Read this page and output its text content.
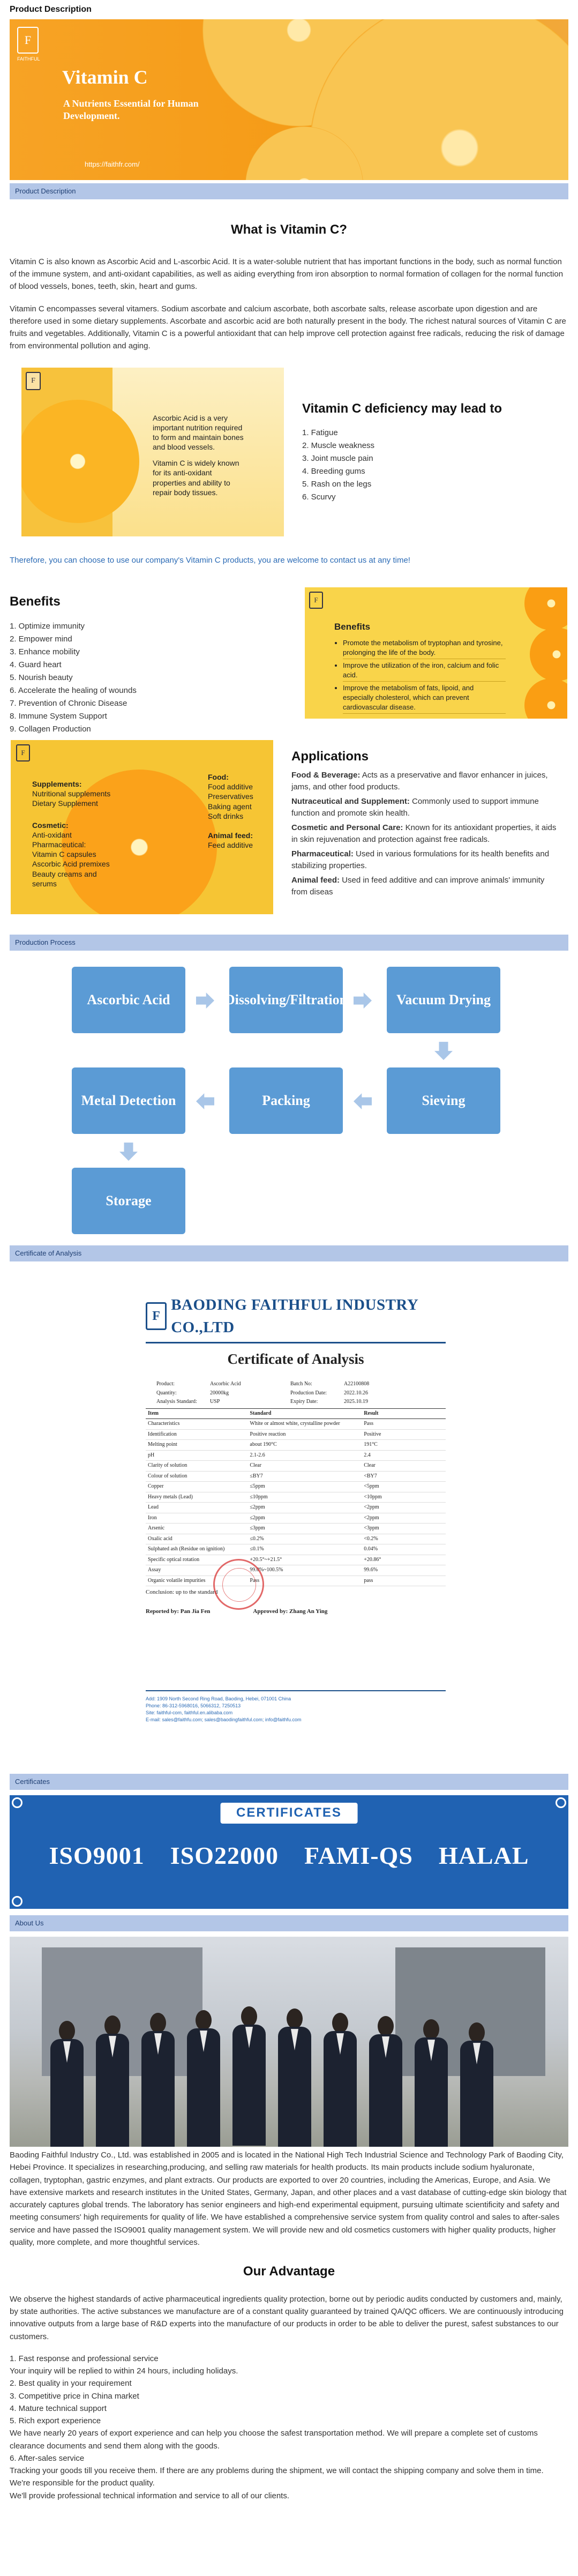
Product Description
F
FAITHFUL
Vitamin C
A Nutrients Essential for Human Development.
https://faithfr.com/
Product Description
What is Vitamin C?

Vitamin C is also known as Ascorbic Acid and L-ascorbic Acid. It is a water-soluble nutrient that has important functions in the body, such as normal function of the immune system, and anti-oxidant capabilities, as well as aiding everything from iron absorption to normal formation of collagen for the normal function of blood vessels, bones, teeth, skin, heart and gums.

Vitamin C encompasses several vitamers. Sodium ascorbate and calcium ascorbate, both ascorbate salts, release ascorbate upon digestion and are therefore used in some dietary supplements. Ascorbate and ascorbic acid are both naturally present in the body. The richest natural sources of Vitamin C are fruits and vegetables. Additionally, Vitamin C is a powerful antioxidant that can help improve cell protection against free radicals, reducing the risk of damage from environmental pollution and aging.

F
Ascorbic Acid is a very important nutrition required to form and maintain bones and blood vessels.
Vitamin C is widely known for its anti-oxidant properties and ability to repair body tissues.
Vitamin C deficiency may lead to
1. Fatigue
2. Muscle weakness
3. Joint muscle pain
4. Breeding gums
5. Rash on the legs
6. Scurvy
Therefore, you can choose to use our company's Vitamin C products, you are welcome to contact us at any time!
Benefits
1. Optimize immunity
2. Empower mind
3. Enhance mobility
4. Guard heart
5. Nourish beauty
6. Accelerate the healing of wounds
7. Prevention of Chronic Disease
8. Immune System Support
9. Collagen Production
F
Benefits
• Promote the metabolism of tryptophan and tyrosine, prolonging the life of the body.
• Improve the utilization of the iron, calcium and folic acid.
• Improve the metabolism of fats, lipoid, and especially cholesterol, which can prevent cardiovascular disease.
F
Supplements:
Nutritional supplements
Dietary Supplement
Cosmetic:
Anti-oxidant
Pharmaceutical:
Vitamin C capsules
Ascorbic Acid premixes
Beauty creams and serums
Food:
Food additive
Preservatives
Baking agent
Soft drinks
Animal feed:
Feed additive
Applications

Food & Beverage: Acts as a preservative and flavor enhancer in juices, jams, and other food products.

Nutraceutical and Supplement: Commonly used to support immune function and promote skin health.

Cosmetic and Personal Care: Known for its antioxidant properties, it aids in skin rejuvenation and protection against free radicals.

Pharmaceutical: Used in various formulations for its health benefits and stabilizing properties.

Animal feed: Used in feed additive and can improve animals' immunity from diseas

Production Process
Ascorbic Acid	Dissolving/Filtration	Vacuum Drying
Sieving
Packing
Metal Detection
Storage
Certificate of Analysis
F
BAODING FAITHFUL INDUSTRY CO.,LTD
Certificate of Analysis
Product:	Ascorbic Acid	Batch No:	A22100808
Quantity:	20000kg	Production Date:	2022.10.26
Analysis Standard:	USP	Expiry Date:	2025.10.19
Item	Standard	Result
Characteristics	White or almost white, crystalline powder	Pass
Identification	Positive reaction	Positive
Melting point	about 190°C	191°C
pH	2.1-2.6	2.4
Clarity of solution	Clear	Clear
Colour of solution	≤BY7	<BY7
Copper	≤5ppm	<5ppm
Heavy metals (Lead)	≤10ppm	<10ppm
Lead	≤2ppm	<2ppm
Iron	≤2ppm	<2ppm
Arsenic	≤3ppm	<3ppm
Oxalic acid	≤0.2%	<0.2%
Sulphated ash (Residue on ignition)	≤0.1%	0.04%
Specific optical rotation	+20.5°~+21.5°	+20.86°
Assay	99.0%~100.5%	99.6%
Organic volatile impurities	Pass	pass
Conclusion: up to the standard
Reported by: Pan Jia Fen	Approved by: Zhang An Ying
Add: 1909 North Second Ring Road, Baoding, Hebei, 071001 China
Phone: 86-312-5968016, 5066312, 7250513
Site: faithful-com, faithful.en.alibaba.com
E-mail: sales@faithfu.com; sales@baodingfaithful.com; info@faithfu.com
Certificates
CERTIFICATES
ISO9001 ISO22000 FAMI-QS HALAL
About Us

Baoding Faithful Industry Co., Ltd. was established in 2005 and is located in the National High Tech Industrial Science and Technology Park of Baoding City, Hebei Province. It specializes in researching,producing, and selling raw materials for health products. Its main products include sodium hyaluronate, collagen, tryptophan, gastric enzymes, and plant extracts. Our products are exported to over 20 countries, including the Americas, Europe, and Asia. We have extensive markets and research institutes in the United States, Germany, Japan, and other places and a vast database of cutting-edge skin biology that accurately captures global trends. The laboratory has senior engineers and high-end experimental equipment, pursuing ultimate scientificity and safety and meeting consumers' high requirements for quality of life. We have established a comprehensive service system from quality control and sales to after-sales service and have passed the ISO9001 quality management system. We will provide new and old cosmetics customers with higher quality products, higher quality, more complete, and more thoughtful services.

Our Advantage

We observe the highest standards of active pharmaceutical ingredients quality protection, borne out by periodic audits conducted by customers and, mainly, by state authorities. The active substances we manufacture are of a constant quality guaranteed by trained QA/QC officers. We are continuously introducing innovative outputs from a large base of R&D experts into the manufacture of our products in order to be able to deliver the purest, safest substances to our customers.

1. Fast response and professional service
Your inquiry will be replied to within 24 hours, including holidays.
2. Best quality in your requirement
3. Competitive price in China market
4. Mature technical support
5. Rich export experience
We have nearly 20 years of export experience and can help you choose the safest transportation method. We will prepare a complete set of customs clearance documents and send them along with the goods.
6. After-sales service
Tracking your goods till you receive them. If there are any problems during the shipment, we will contact the shipping company and solve them in time.
We're responsible for the product quality.
We'll provide professional technical information and service to all of our clients.
